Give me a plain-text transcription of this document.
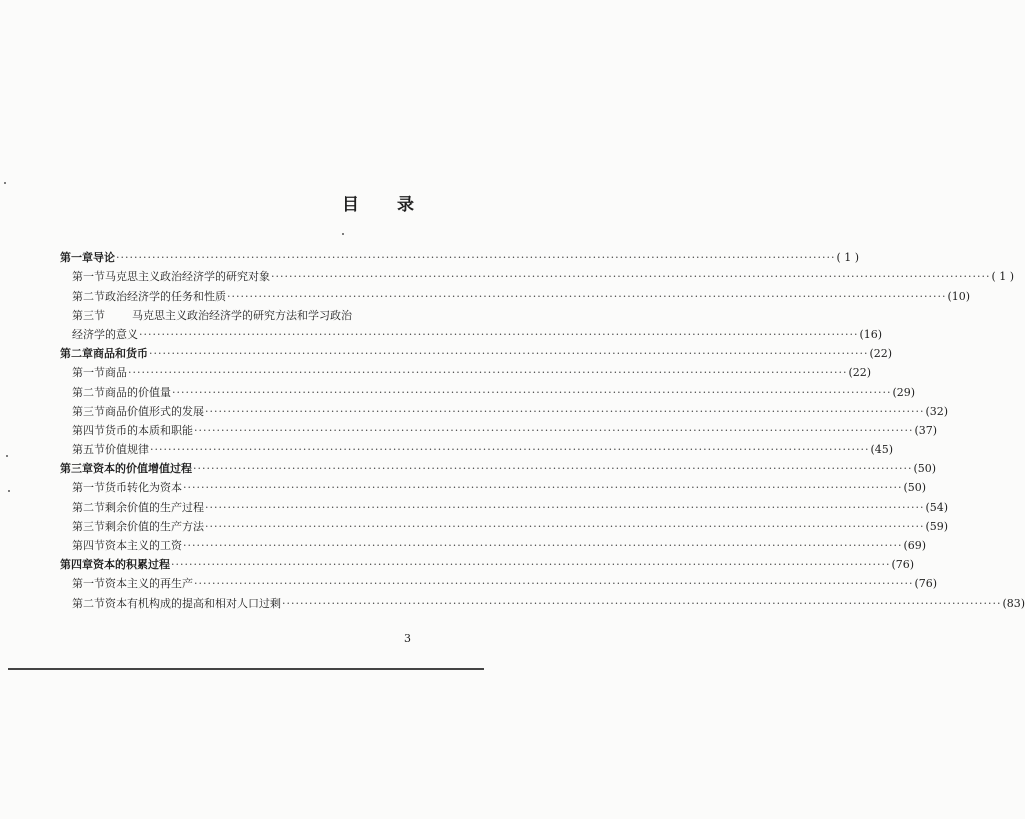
目 录
第一章 导论 ································································································································································ ( 1 )
第一节 马克思主义政治经济学的研究对象 ································································································································································ ( 1 )
第二节 政治经济学的任务和性质 ································································································································································ (10)
第三节	马克思主义政治经济学的研究方法和学习政治
经济学的意义 ································································································································································ (16)
第二章 商品和货币 ································································································································································ (22)
第一节 商品 ································································································································································ (22)
第二节 商品的价值量 ································································································································································ (29)
第三节 商品价值形式的发展 ································································································································································ (32)
第四节 货币的本质和职能 ································································································································································ (37)
第五节 价值规律 ································································································································································ (45)
第三章 资本的价值增值过程 ································································································································································ (50)
第一节 货币转化为资本 ································································································································································ (50)
第二节 剩余价值的生产过程 ································································································································································ (54)
第三节 剩余价值的生产方法 ································································································································································ (59)
第四节 资本主义的工资 ································································································································································ (69)
第四章 资本的积累过程 ································································································································································ (76)
第一节 资本主义的再生产 ································································································································································ (76)
第二节 资本有机构成的提高和相对人口过剩 ································································································································································ (83)
3
